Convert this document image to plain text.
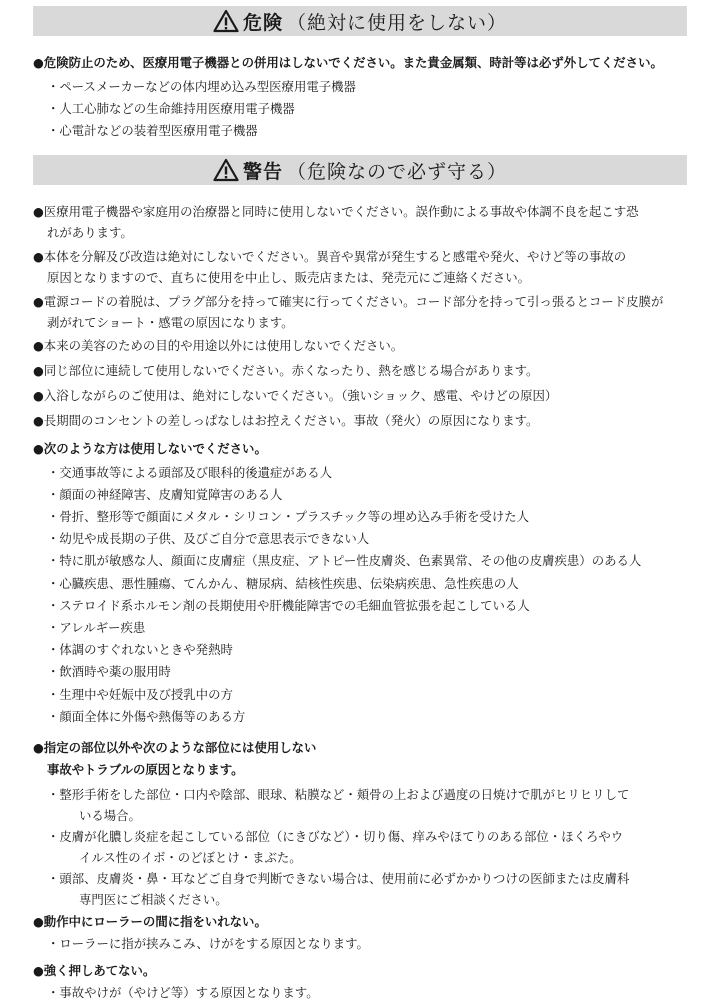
危険 （絶対に使用をしない）
●危険防止のため、医療用電子機器との併用はしないでください。また貴金属類、時計等は必ず外してください。
・ペースメーカーなどの体内埋め込み型医療用電子機器
・人工心肺などの生命維持用医療用電子機器
・心電計などの装着型医療用電子機器
警告 （危険なので必ず守る）
●医療用電子機器や家庭用の治療器と同時に使用しないでください。誤作動による事故や体調不良を起こす恐
れがあります。
●本体を分解及び改造は絶対にしないでください。異音や異常が発生すると感電や発火、やけど等の事故の
原因となりますので、直ちに使用を中止し、販売店または、発売元にご連絡ください。
●電源コードの着脱は、プラグ部分を持って確実に行ってください。コード部分を持って引っ張るとコード皮膜が
剥がれてショート・感電の原因になります。
●本来の美容のための目的や用途以外には使用しないでください。
●同じ部位に連続して使用しないでください。赤くなったり、熱を感じる場合があります。
●入浴しながらのご使用は、絶対にしないでください。（強いショック、感電、やけどの原因）
●長期間のコンセントの差しっぱなしはお控えください。事故（発火）の原因になります。
●次のような方は使用しないでください。
・交通事故等による頭部及び眼科的後遺症がある人
・顔面の神経障害、皮膚知覚障害のある人
・骨折、整形等で顔面にメタル・シリコン・プラスチック等の埋め込み手術を受けた人
・幼児や成長期の子供、及びご自分で意思表示できない人
・特に肌が敏感な人、顔面に皮膚症（黒皮症、アトピー性皮膚炎、色素異常、その他の皮膚疾患）のある人
・心臓疾患、悪性腫瘍、てんかん、糖尿病、結核性疾患、伝染病疾患、急性疾患の人
・ステロイド系ホルモン剤の長期使用や肝機能障害での毛細血管拡張を起こしている人
・アレルギー疾患
・体調のすぐれないときや発熱時
・飲酒時や薬の服用時
・生理中や妊娠中及び授乳中の方
・顔面全体に外傷や熱傷等のある方
●指定の部位以外や次のような部位には使用しない
事故やトラブルの原因となります。
・整形手術をした部位・口内や陰部、眼球、粘膜など・頬骨の上および過度の日焼けで肌がヒリヒリして
いる場合。
・皮膚が化膿し炎症を起こしている部位（にきびなど）・切り傷、痒みやほてりのある部位・ほくろやウ
イルス性のイボ・のどぼとけ・まぶた。
・頭部、皮膚炎・鼻・耳などご自身で判断できない場合は、使用前に必ずかかりつけの医師または皮膚科
専門医にご相談ください。
●動作中にローラーの間に指をいれない。
・ローラーに指が挟みこみ、けがをする原因となります。
●強く押しあてない。
・事故やけが（やけど等）する原因となります。
